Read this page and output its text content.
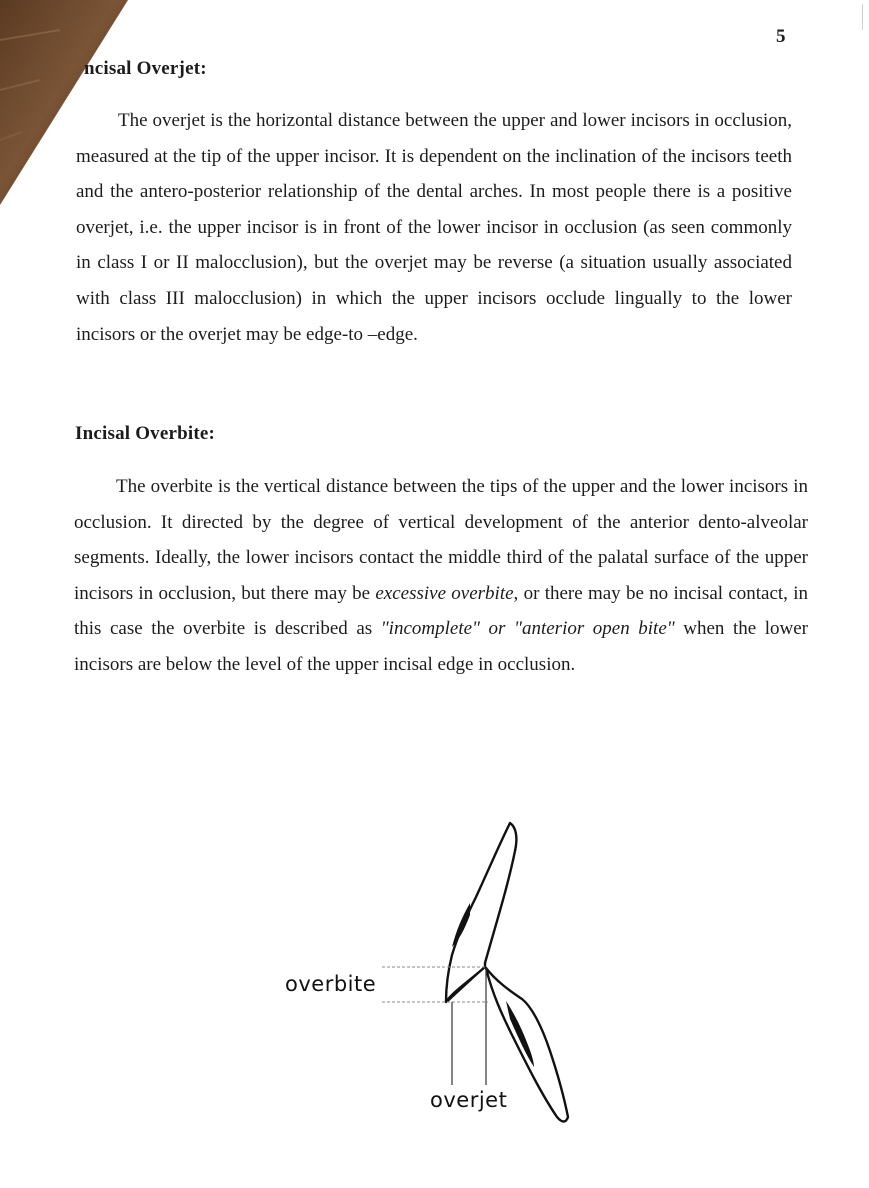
5
ncisal Overjet:
The overjet is the horizontal distance between the upper and lower incisors in occlusion, measured at the tip of the upper incisor. It is dependent on the inclination of the incisors teeth and the antero-posterior relationship of the dental arches. In most people there is a positive overjet, i.e. the upper incisor is in front of the lower incisor in occlusion (as seen commonly in class I or II malocclusion), but the overjet may be reverse (a situation usually associated with class III malocclusion) in which the upper incisors occlude lingually to the lower incisors or the overjet may be edge-to –edge.
Incisal Overbite:
The overbite is the vertical distance between the tips of the upper and the lower incisors in occlusion. It directed by the degree of vertical development of the anterior dento-alveolar segments. Ideally, the lower incisors contact the middle third of the palatal surface of the upper incisors in occlusion, but there may be excessive overbite, or there may be no incisal contact, in this case the overbite is described as "incomplete" or "anterior open bite" when the lower incisors are below the level of the upper incisal edge in occlusion.
overbite
overjet
